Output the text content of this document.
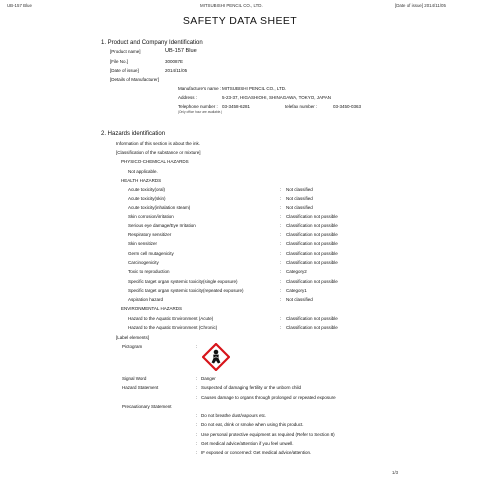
UB-157 Blue	MITSUBISHI PENCIL CO., LTD.	[Date of issue] 2014/11/05
SAFETY DATA SHEET
1. Product and Company Identification
[Product name]	UB-157 Blue
[File No.]	300087E
[Date of issue]	2014/11/05
[Details of Manufacturer]
Manufacture's name : MITSUBISHI PENCIL CO., LTD.
Address :	5-23-37, HIGASHIOHI, SHINAGAWA, TOKYO, JAPAN
Telephone number : 03-3458-6281	telefax number :	03-3450-0363
(Only office hour are available.)
2. Hazards identification
Information of this section is about the ink.
[Classification of the substance or mixture]
PHYSICO-CHEMICAL HAZARDS
Not applicable.
HEALTH HAZARDS
Acute toxicity(oral)	: Not classified
Acute toxicity(skin)	: Not classified
Acute toxicity(inhalation steam)	: Not classified
Skin corrosion/irritation	: Classification not possible
Serious eye damage/Eye Irritation	: Classification not possible
Respiratory sensitizer	: Classification not possible
Skin sensitizer	: Classification not possible
Germ cell mutagenicity	: Classification not possible
Carcinogenicity	: Classification not possible
Toxic to reproduction	: Category2
Specific target organ systemic toxicity(single exposure)	: Classification not possible
Specific target organ systemic toxicity(repeated exposure)	: Category1
Aspiration hazard	: Not classified
ENVIRONMENTAL HAZARDS
Hazard to the Aquatic Environment (Acute)	: Classification not possible
Hazard to the Aquatic Environment (Chronic)	: Classification not possible
[Label elements]
Pictogram	:
Signal Word	: Danger
Hazard Statement	: Suspected of damaging fertility or the unborn child
: Causes damage to organs through prolonged or repeated exposure
Precautionary Statement
: Do not breathe dust/vapours etc.
: Do not eat, drink or smoke when using this product.
: Use personal protective equipment as required (Refer to Section 8)
: Get medical advice/attention if you feel unwell.
: IF exposed or concerned: Get medical advice/attention.
1/3
